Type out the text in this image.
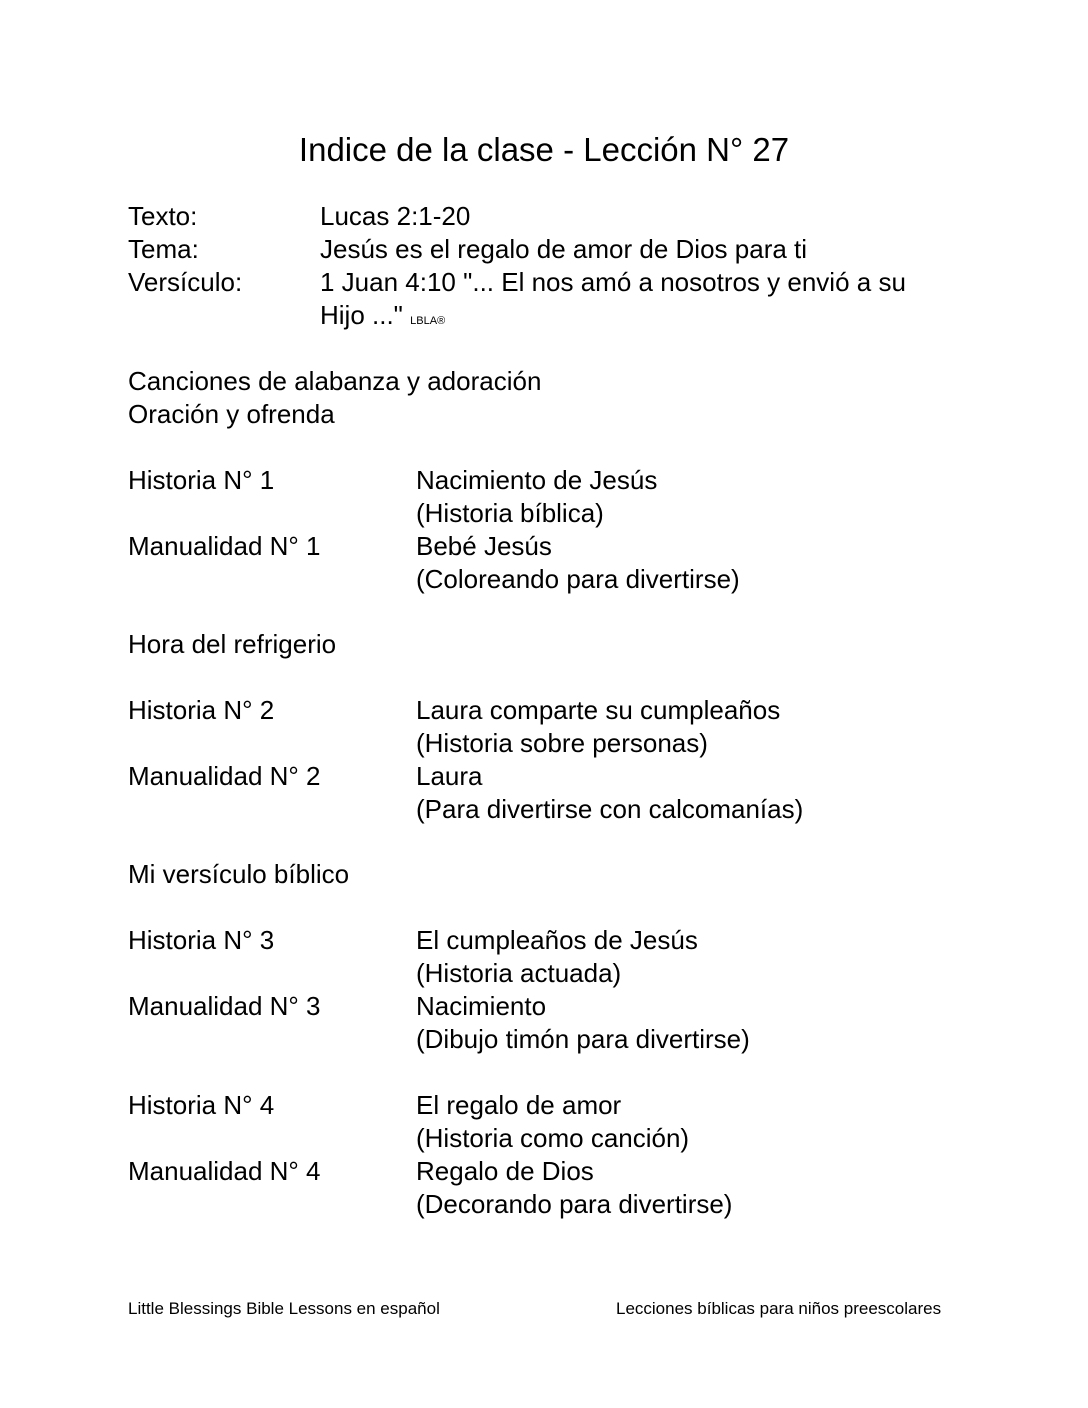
Indice de la clase - Lección N° 27
Texto:	Lucas 2:1-20
Tema:	Jesús es el regalo de amor de Dios para ti
Versículo:	1 Juan 4:10 "... El nos amó a nosotros y envió a su Hijo ..." LBLA®
Canciones de alabanza y adoración
Oración y ofrenda
Historia N° 1	Nacimiento de Jesús
(Historia bíblica)
Manualidad N° 1	Bebé Jesús
(Coloreando para divertirse)
Hora del refrigerio
Historia N° 2	Laura comparte su cumpleaños
(Historia sobre personas)
Manualidad N° 2	Laura
(Para divertirse con calcomanías)
Mi versículo bíblico
Historia N° 3	El cumpleaños de Jesús
(Historia actuada)
Manualidad N° 3	Nacimiento
(Dibujo timón para divertirse)
Historia N° 4	El regalo de amor
(Historia como canción)
Manualidad N° 4	Regalo de Dios
(Decorando para divertirse)
Little Blessings Bible Lessons en español	Lecciones bíblicas para niños preescolares
